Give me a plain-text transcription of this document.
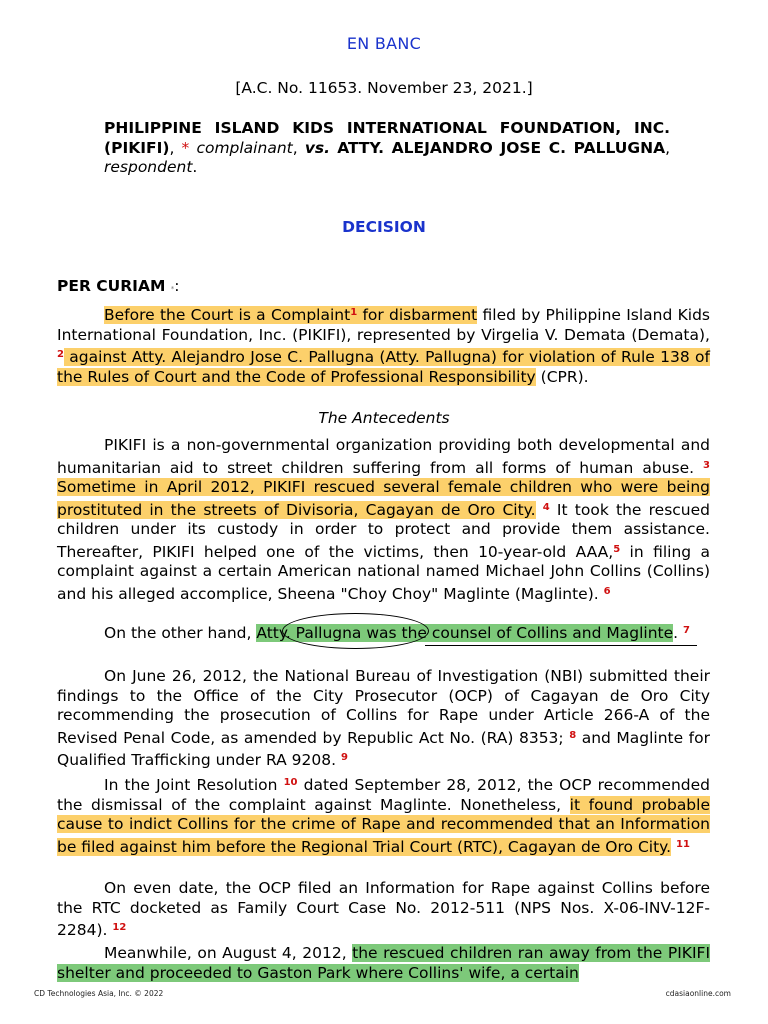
EN BANC
[A.C. No. 11653. November 23, 2021.]
PHILIPPINE ISLAND KIDS INTERNATIONAL FOUNDATION, INC. (PIKIFI), * complainant, vs. ATTY. ALEJANDRO JOSE C. PALLUGNA, respondent.
DECISION
PER CURIAM *:

Before the Court is a Complaint$^1$ for disbarment filed by Philippine Island Kids International Foundation, Inc. (PIKIFI), represented by Virgelia V. Demata (Demata), $^2$ against Atty. Alejandro Jose C. Pallugna (Atty. Pallugna) for violation of Rule 138 of the Rules of Court and the Code of Professional Responsibility (CPR).

The Antecedents

PIKIFI is a non-governmental organization providing both developmental and humanitarian aid to street children suffering from all forms of human abuse. $^3$ Sometime in April 2012, PIKIFI rescued several female children who were being prostituted in the streets of Divisoria, Cagayan de Oro City. $^4$ It took the rescued children under its custody in order to protect and provide them assistance. Thereafter, PIKIFI helped one of the victims, then 10-year-old AAA,$^5$ in filing a complaint against a certain American national named Michael John Collins (Collins) and his alleged accomplice, Sheena "Choy Choy" Maglinte (Maglinte). $^6$

On the other hand, Atty. Pallugna was the counsel of Collins and Maglinte. $^7$

On June 26, 2012, the National Bureau of Investigation (NBI) submitted their findings to the Office of the City Prosecutor (OCP) of Cagayan de Oro City recommending the prosecution of Collins for Rape under Article 266-A of the Revised Penal Code, as amended by Republic Act No. (RA) 8353; $^8$ and Maglinte for Qualified Trafficking under RA 9208. $^9$

In the Joint Resolution $^{10}$ dated September 28, 2012, the OCP recommended the dismissal of the complaint against Maglinte. Nonetheless, it found probable cause to indict Collins for the crime of Rape and recommended that an Information be filed against him before the Regional Trial Court (RTC), Cagayan de Oro City. $^{11}$

On even date, the OCP filed an Information for Rape against Collins before the RTC docketed as Family Court Case No. 2012-511 (NPS Nos. X-06-INV-12F-2284). $^{12}$

Meanwhile, on August 4, 2012, the rescued children ran away from the PIKIFI shelter and proceeded to Gaston Park where Collins' wife, a certain

CD Technologies Asia, Inc. © 2022	cdasiaonline.com
